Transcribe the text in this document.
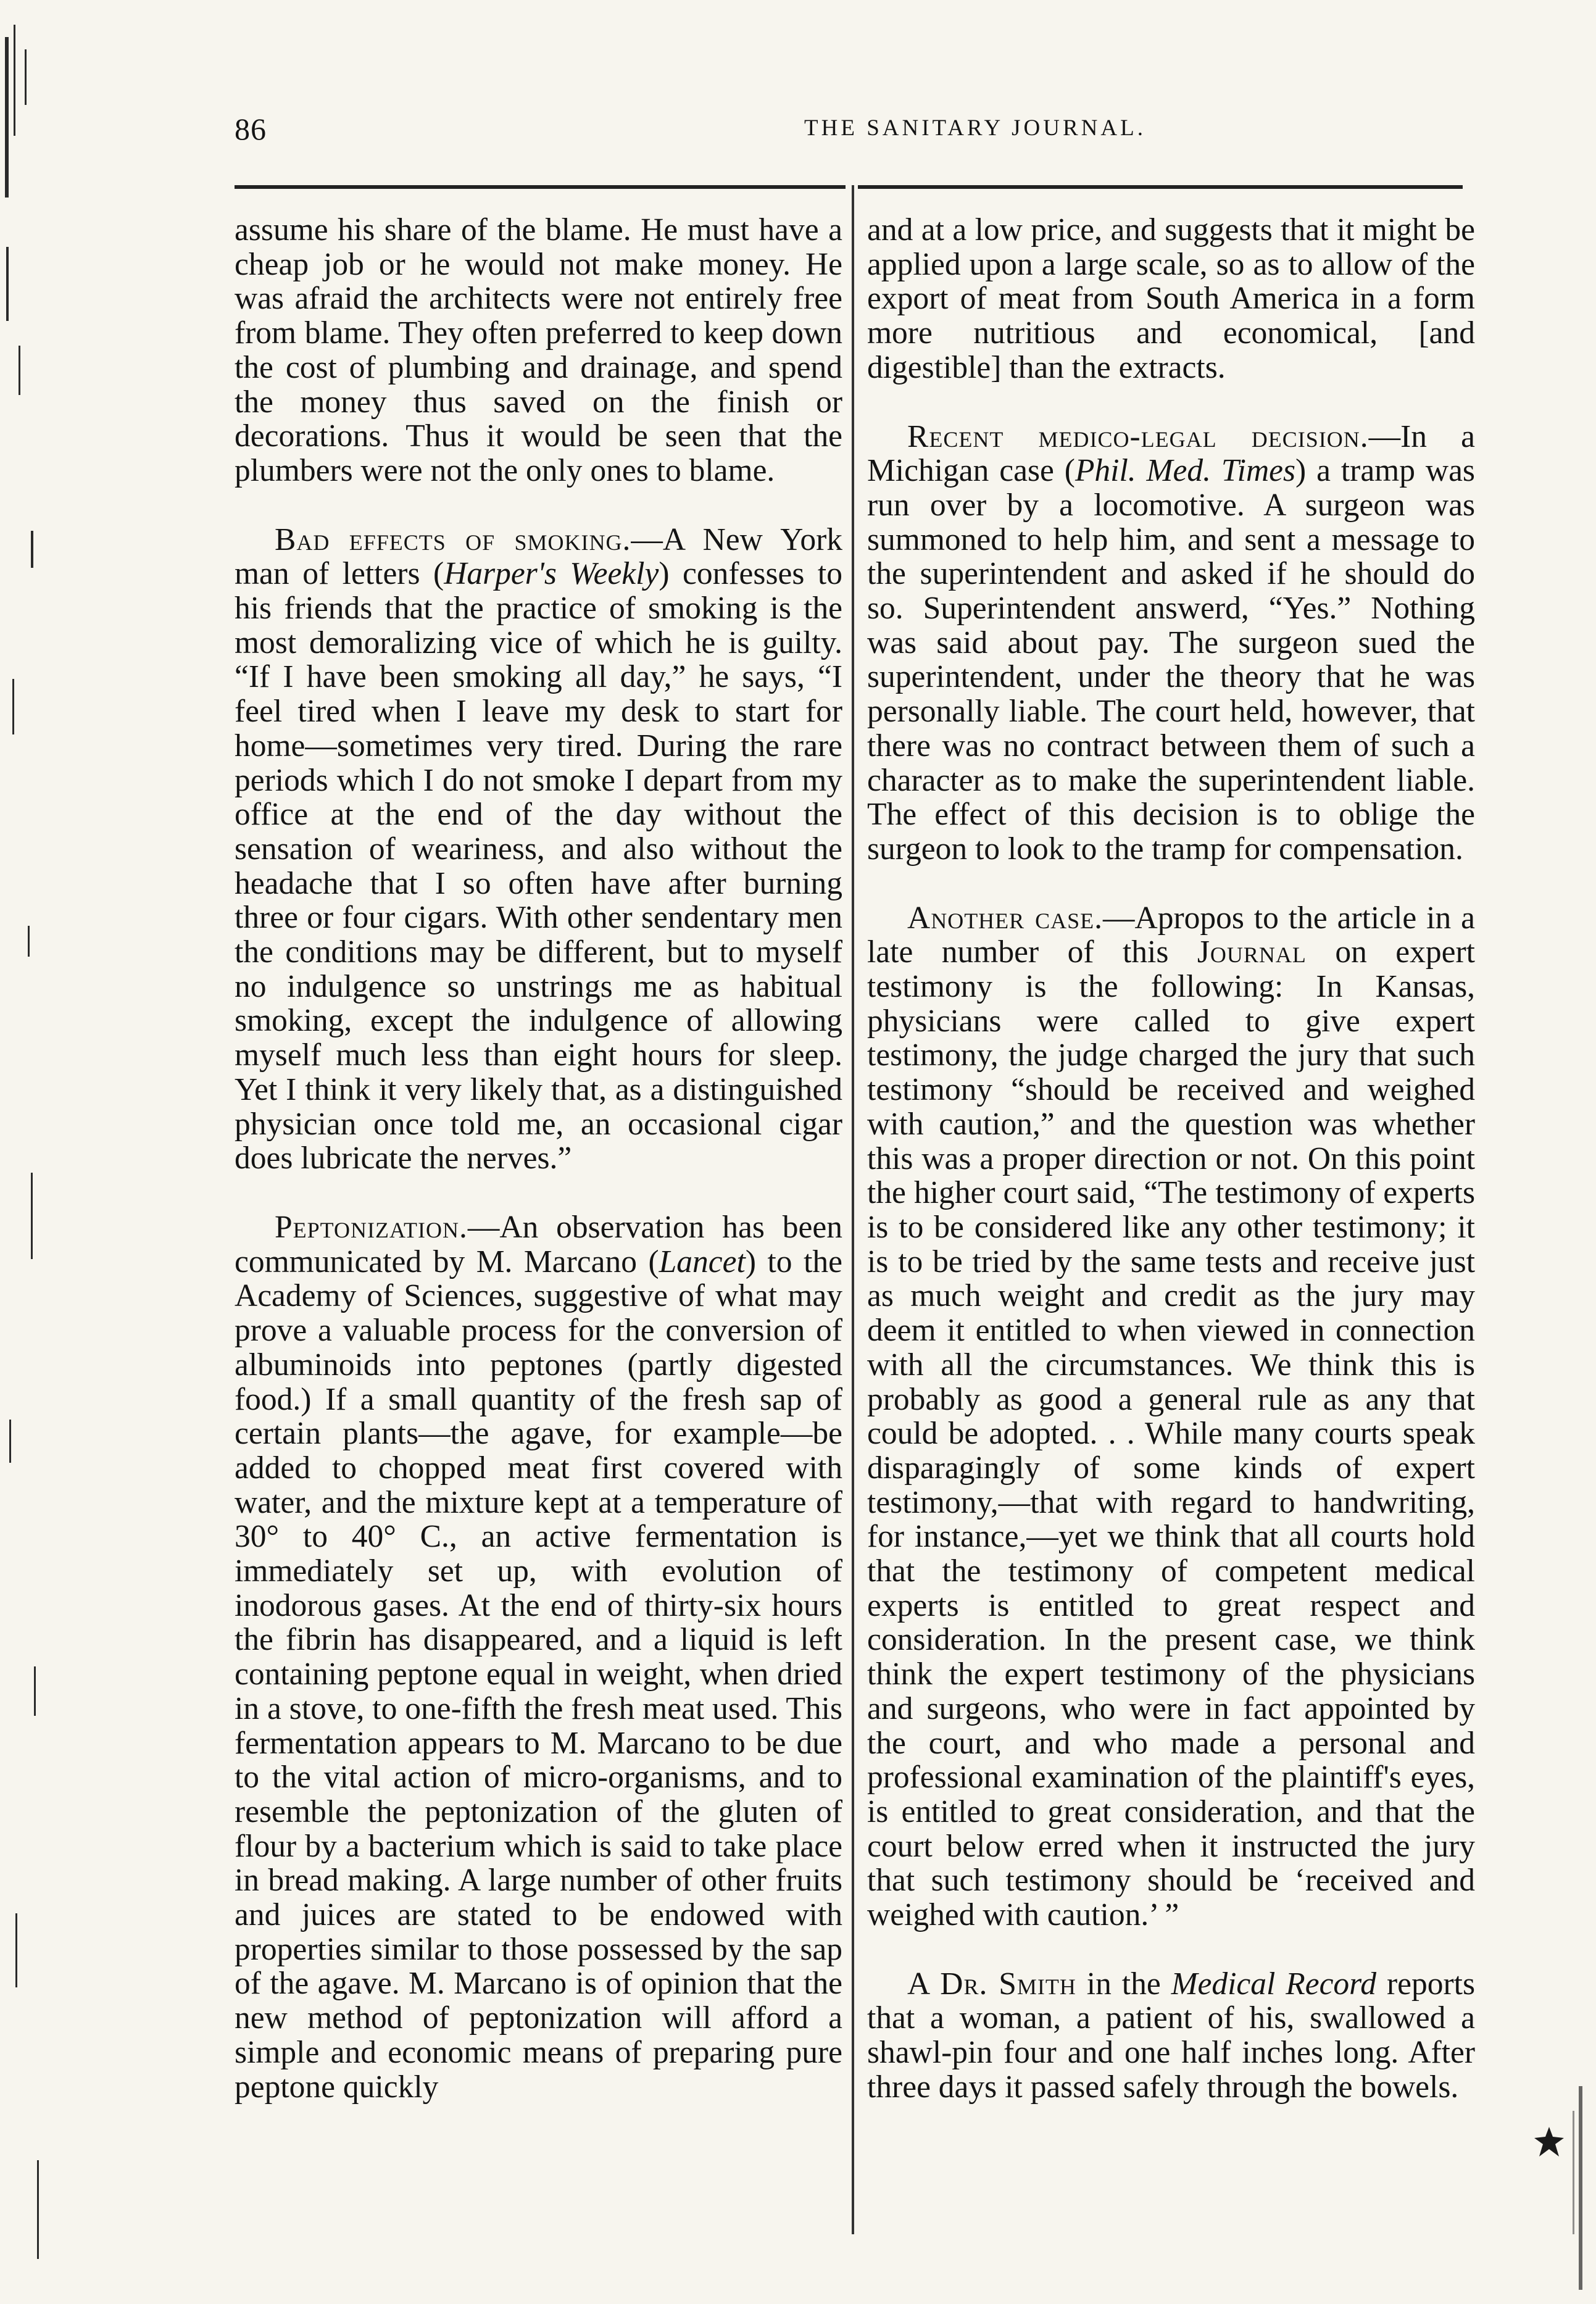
86	THE SANITARY JOURNAL.

assume his share of the blame. He must have a cheap job or he would not make money. He was afraid the architects were not entirely free from blame. They often preferred to keep down the cost of plumbing and drainage, and spend the money thus saved on the finish or decorations. Thus it would be seen that the plumbers were not the only ones to blame.

Bad effects of smoking.—A New York man of letters (Harper's Weekly) confesses to his friends that the practice of smoking is the most demoralizing vice of which he is guilty. “If I have been smoking all day,” he says, “I feel tired when I leave my desk to start for home—sometimes very tired. During the rare periods which I do not smoke I depart from my office at the end of the day without the sensation of weariness, and also without the headache that I so often have after burning three or four cigars. With other sendentary men the conditions may be different, but to myself no indulgence so unstrings me as habitual smoking, except the indulgence of allowing myself much less than eight hours for sleep. Yet I think it very likely that, as a distinguished physician once told me, an occasional cigar does lubricate the nerves.”

Peptonization.—An observation has been communicated by M. Marcano (Lancet) to the Academy of Sciences, suggestive of what may prove a valuable process for the conversion of albuminoids into peptones (partly digested food.) If a small quantity of the fresh sap of certain plants—the agave, for example—be added to chopped meat first covered with water, and the mixture kept at a temperature of 30° to 40° C., an active fermentation is immediately set up, with evolution of inodorous gases. At the end of thirty-six hours the fibrin has disappeared, and a liquid is left containing peptone equal in weight, when dried in a stove, to one-fifth the fresh meat used. This fermentation appears to M. Marcano to be due to the vital action of micro-organisms, and to resemble the peptonization of the gluten of flour by a bacterium which is said to take place in bread making. A large number of other fruits and juices are stated to be endowed with properties similar to those possessed by the sap of the agave. M. Marcano is of opinion that the new method of peptonization will afford a simple and economic means of preparing pure peptone quickly

and at a low price, and suggests that it might be applied upon a large scale, so as to allow of the export of meat from South America in a form more nutritious and economical, [and digestible] than the extracts.

Recent medico-legal decision.—In a Michigan case (Phil. Med. Times) a tramp was run over by a locomotive. A surgeon was summoned to help him, and sent a message to the superintendent and asked if he should do so. Superintendent answerd, “Yes.” Nothing was said about pay. The surgeon sued the superintendent, under the theory that he was personally liable. The court held, however, that there was no contract between them of such a character as to make the superintendent liable. The effect of this decision is to oblige the surgeon to look to the tramp for compensation.

Another case.—Apropos to the article in a late number of this Journal on expert testimony is the following: In Kansas, physicians were called to give expert testimony, the judge charged the jury that such testimony “should be received and weighed with caution,” and the question was whether this was a proper direction or not. On this point the higher court said, “The testimony of experts is to be considered like any other testimony; it is to be tried by the same tests and receive just as much weight and credit as the jury may deem it entitled to when viewed in connection with all the circumstances. We think this is probably as good a general rule as any that could be adopted. . . While many courts speak disparagingly of some kinds of expert testimony,—that with regard to handwriting, for instance,—yet we think that all courts hold that the testimony of competent medical experts is entitled to great respect and consideration. In the present case, we think think the expert testimony of the physicians and surgeons, who were in fact appointed by the court, and who made a personal and professional examination of the plaintiff's eyes, is entitled to great consideration, and that the court below erred when it instructed the jury that such testimony should be ‘received and weighed with caution.’ ”

A Dr. Smith in the Medical Record reports that a woman, a patient of his, swallowed a shawl-pin four and one half inches long. After three days it passed safely through the bowels.
